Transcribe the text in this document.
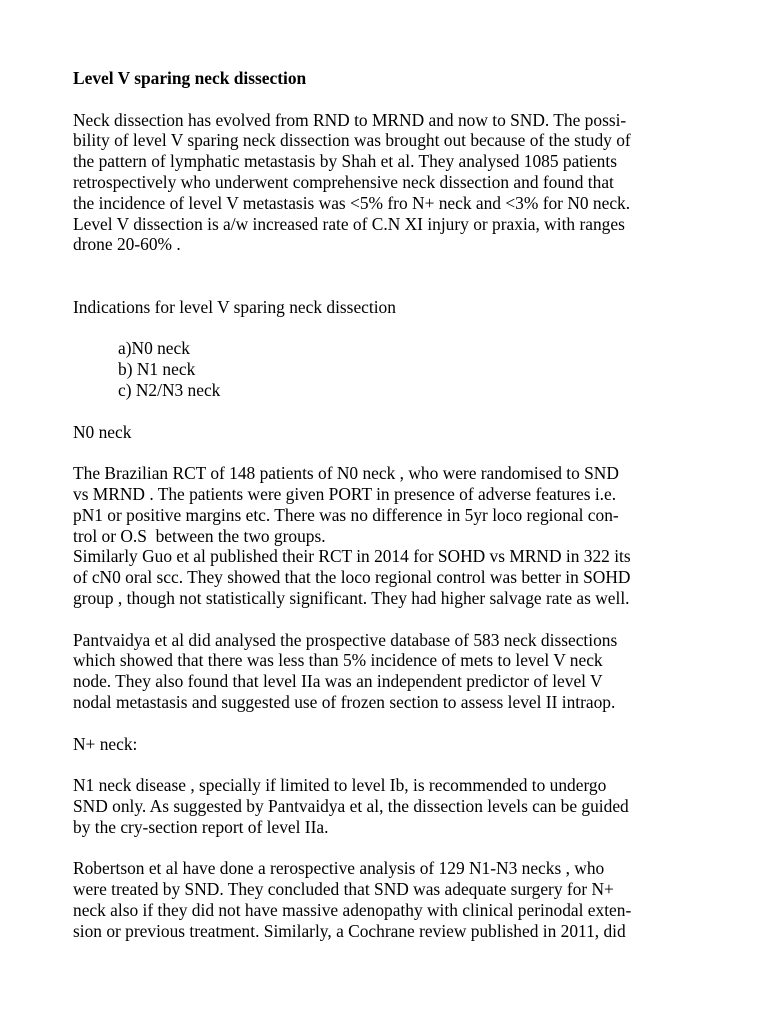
Level V sparing neck dissection
Neck dissection has evolved from RND to MRND and now to SND. The possi-
bility of level V sparing neck dissection was brought out because of the study of
the pattern of lymphatic metastasis by Shah et al. They analysed 1085 patients
retrospectively who underwent comprehensive neck dissection and found that
the incidence of level V metastasis was <5% fro N+ neck and <3% for N0 neck.
Level V dissection is a/w increased rate of C.N XI injury or praxia, with ranges
drone 20-60% .
Indications for level V sparing neck dissection
a)N0 neck
b) N1 neck
c) N2/N3 neck
N0 neck
The Brazilian RCT of 148 patients of N0 neck , who were randomised to SND
vs MRND . The patients were given PORT in presence of adverse features i.e.
pN1 or positive margins etc. There was no difference in 5yr loco regional con-
trol or O.S  between the two groups.
Similarly Guo et al published their RCT in 2014 for SOHD vs MRND in 322 its
of cN0 oral scc. They showed that the loco regional control was better in SOHD
group , though not statistically significant. They had higher salvage rate as well.
Pantvaidya et al did analysed the prospective database of 583 neck dissections
which showed that there was less than 5% incidence of mets to level V neck
node. They also found that level IIa was an independent predictor of level V
nodal metastasis and suggested use of frozen section to assess level II intraop.
N+ neck:
N1 neck disease , specially if limited to level Ib, is recommended to undergo
SND only. As suggested by Pantvaidya et al, the dissection levels can be guided
by the cry-section report of level IIa.
Robertson et al have done a rerospective analysis of 129 N1-N3 necks , who
were treated by SND. They concluded that SND was adequate surgery for N+
neck also if they did not have massive adenopathy with clinical perinodal exten-
sion or previous treatment. Similarly, a Cochrane review published in 2011, did
